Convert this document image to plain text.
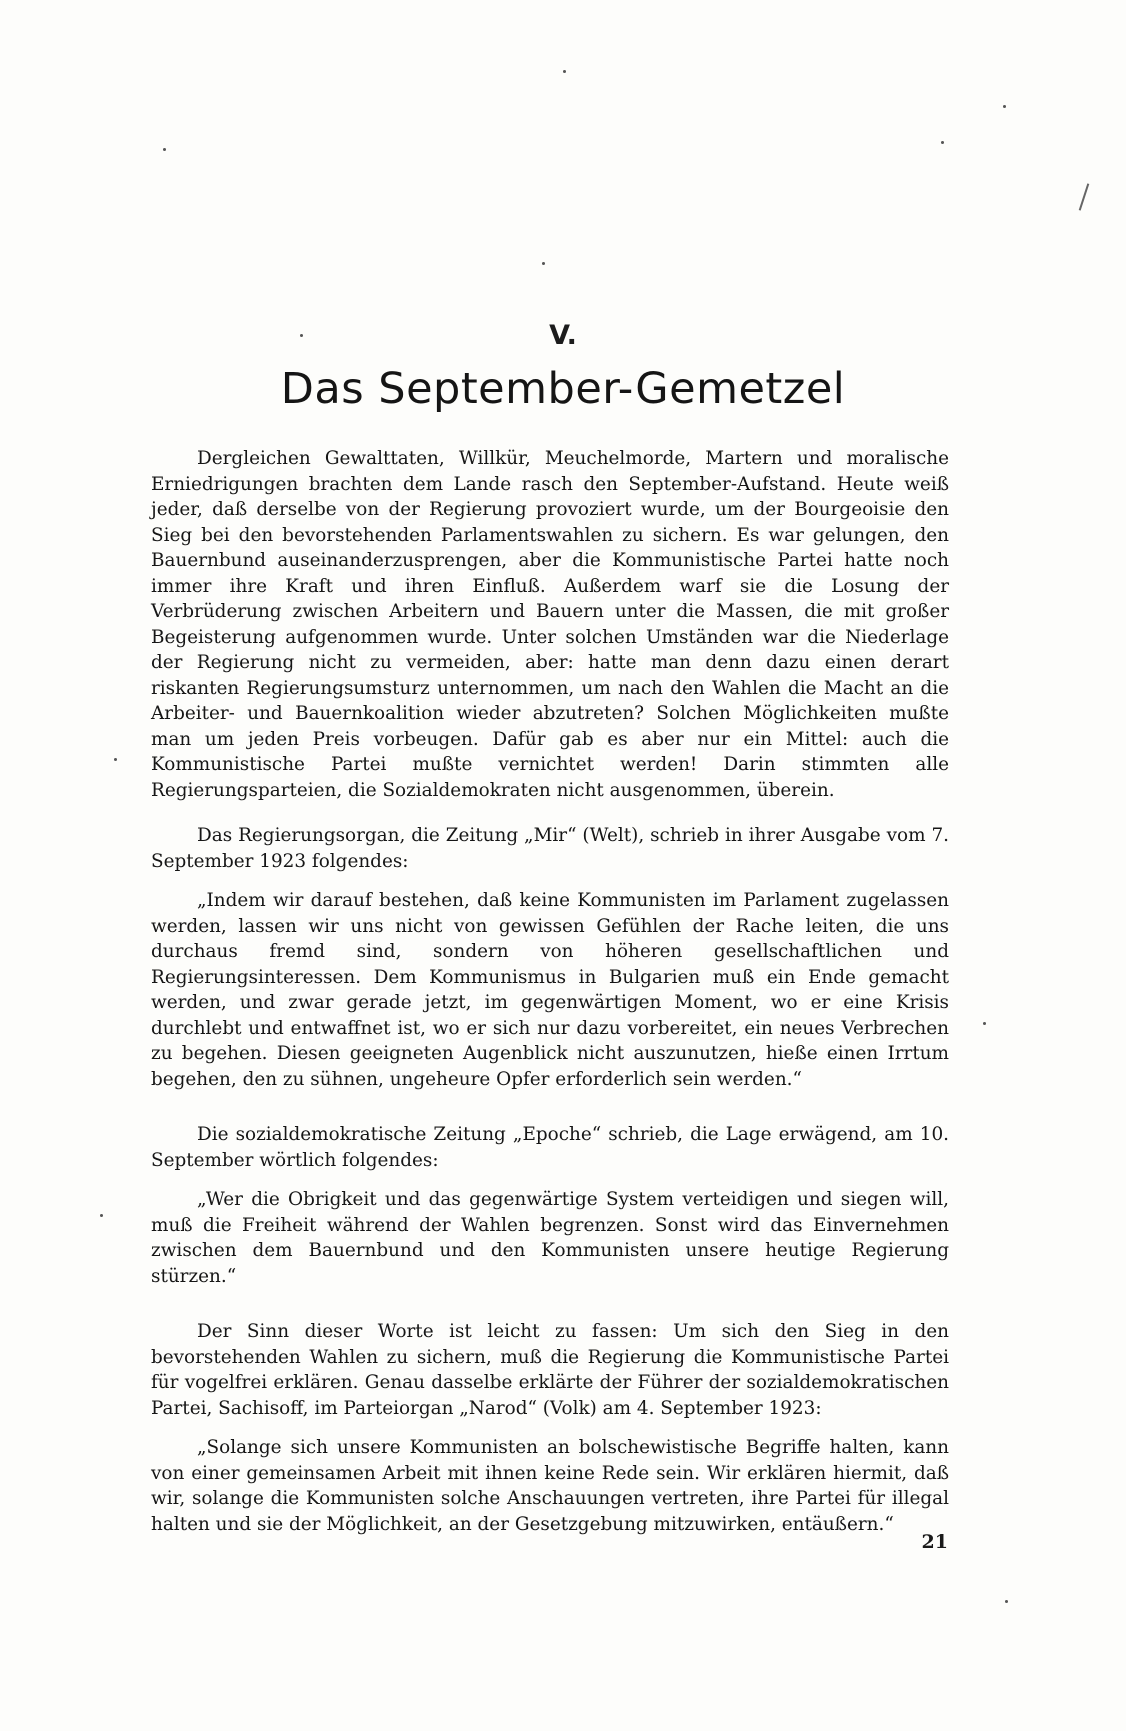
V.
Das September-Gemetzel

Dergleichen Gewalttaten, Willkür, Meuchelmorde, Martern und moralische Erniedrigungen brachten dem Lande rasch den September-Aufstand. Heute weiß jeder, daß derselbe von der Regierung provoziert wurde, um der Bourgeoisie den Sieg bei den bevorstehenden Parlamentswahlen zu sichern. Es war gelungen, den Bauernbund auseinanderzusprengen, aber die Kommunistische Partei hatte noch immer ihre Kraft und ihren Einfluß. Außerdem warf sie die Losung der Verbrüderung zwischen Arbeitern und Bauern unter die Massen, die mit großer Begeisterung aufgenommen wurde. Unter solchen Umständen war die Niederlage der Regierung nicht zu vermeiden, aber: hatte man denn dazu einen derart riskanten Regierungsumsturz unternommen, um nach den Wahlen die Macht an die Arbeiter- und Bauernkoalition wieder abzutreten? Solchen Möglichkeiten mußte man um jeden Preis vorbeugen. Dafür gab es aber nur ein Mittel: auch die Kommunistische Partei mußte vernichtet werden! Darin stimmten alle Regierungsparteien, die Sozialdemokraten nicht ausgenommen, überein.

Das Regierungsorgan, die Zeitung „Mir“ (Welt), schrieb in ihrer Ausgabe vom 7. September 1923 folgendes:

„Indem wir darauf bestehen, daß keine Kommunisten im Parlament zugelassen werden, lassen wir uns nicht von gewissen Gefühlen der Rache leiten, die uns durchaus fremd sind, sondern von höheren gesellschaftlichen und Regierungsinteressen. Dem Kommunismus in Bulgarien muß ein Ende gemacht werden, und zwar gerade jetzt, im gegenwärtigen Moment, wo er eine Krisis durchlebt und entwaffnet ist, wo er sich nur dazu vorbereitet, ein neues Verbrechen zu begehen. Diesen geeigneten Augenblick nicht auszunutzen, hieße einen Irrtum begehen, den zu sühnen, ungeheure Opfer erforderlich sein werden.“

Die sozialdemokratische Zeitung „Epoche“ schrieb, die Lage erwägend, am 10. September wörtlich folgendes:

„Wer die Obrigkeit und das gegenwärtige System verteidigen und siegen will, muß die Freiheit während der Wahlen begrenzen. Sonst wird das Einvernehmen zwischen dem Bauernbund und den Kommunisten unsere heutige Regierung stürzen.“

Der Sinn dieser Worte ist leicht zu fassen: Um sich den Sieg in den bevorstehenden Wahlen zu sichern, muß die Regierung die Kommunistische Partei für vogelfrei erklären. Genau dasselbe erklärte der Führer der sozialdemokratischen Partei, Sachisoff, im Parteiorgan „Narod“ (Volk) am 4. September 1923:

„Solange sich unsere Kommunisten an bolschewistische Begriffe halten, kann von einer gemeinsamen Arbeit mit ihnen keine Rede sein. Wir erklären hiermit, daß wir, solange die Kommunisten solche Anschauungen vertreten, ihre Partei für illegal halten und sie der Möglichkeit, an der Gesetzgebung mitzuwirken, entäußern.“

21
